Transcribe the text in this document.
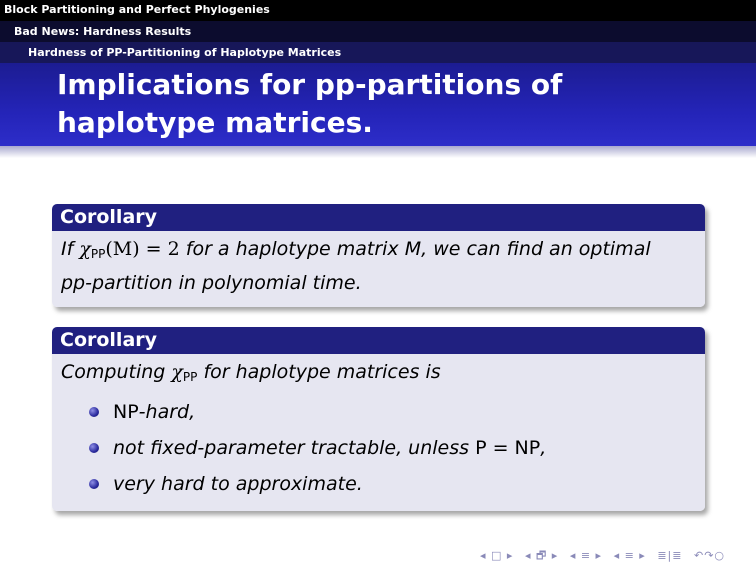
Block Partitioning and Perfect Phylogenies
Bad News: Hardness Results
Hardness of PP-Partitioning of Haplotype Matrices
Implications for pp-partitions of haplotype matrices.
Corollary
If $\chi_{PP}(M) = 2$ for a haplotype matrix M, we can find an optimal
pp-partition in polynomial time.
Corollary
Computing $\chi_{PP}$ for haplotype matrices is
NP-hard,
not fixed-parameter tractable, unless P = NP,
very hard to approximate.
◂ □ ▸ ◂ 🗗 ▸ ◂ ≡ ▸ ◂ ≡ ▸ ≣|≣ ↶↷○
